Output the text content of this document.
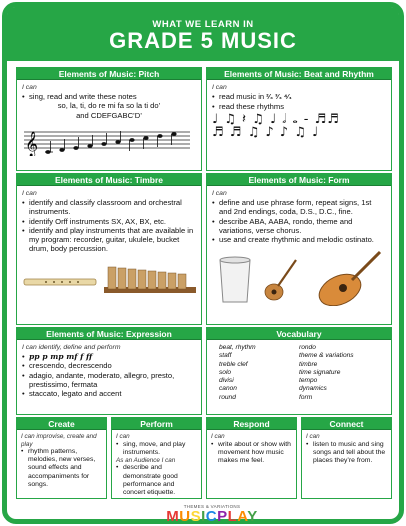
WHAT WE LEARN IN
GRADE 5 MUSIC
Elements of Music: Pitch
I can
• sing, read and write these notes
so, la, ti, do re mi fa so la ti do’
and CDEFGABC’D’
𝄞
Elements of Music: Beat and Rhythm
I can
• read music in ²⁄₄ ³⁄₄ ⁴⁄₄
• read these rhythms
♩ ♫ 𝄽 ♫ ♩ 𝅗𝅥 𝅝 ‐ ♬♬
♬ ♬ ♫ ♪ ♪ ♫ ♩
Elements of Music: Timbre
I can
• identify and classify classroom and orchestral instruments.
• identify Orff instruments SX, AX, BX, etc.
• identify and play instruments that are available in my program: recorder, guitar, ukulele, bucket drum, body percussion.
Elements of Music: Form
I can
• define and use phrase form, repeat signs, 1st and 2nd endings, coda, D.S., D.C., fine.
• describe ABA, AABA, rondo, theme and variations, verse chorus.
• use and create rhythmic and melodic ostinato.
Elements of Music: Expression
I can identify, define and perform
• pp p mp mf f ff
• crescendo, decrescendo
• adagio, andante, moderato, allegro, presto, prestissimo, fermata
• staccato, legato and accent
Vocabulary
beat, rhythm
staff
treble clef
solo
divisi
canon
round
rondo
theme & variations
timbre
time signature
tempo
dynamics
form
Create
I can improvise, create and play
• rhythm patterns, melodies, new verses, sound effects and accompaniments for songs.
Perform
I can
• sing, move, and play instruments.
As an Audience I can
• describe and demonstrate good performance and concert etiquette.
Respond
I can
• write about or show with movement how music makes me feel.
Connect
I can
• listen to music and sing songs and tell about the places they’re from.
THEMES & VARIATIONS
MUSICPLAY
